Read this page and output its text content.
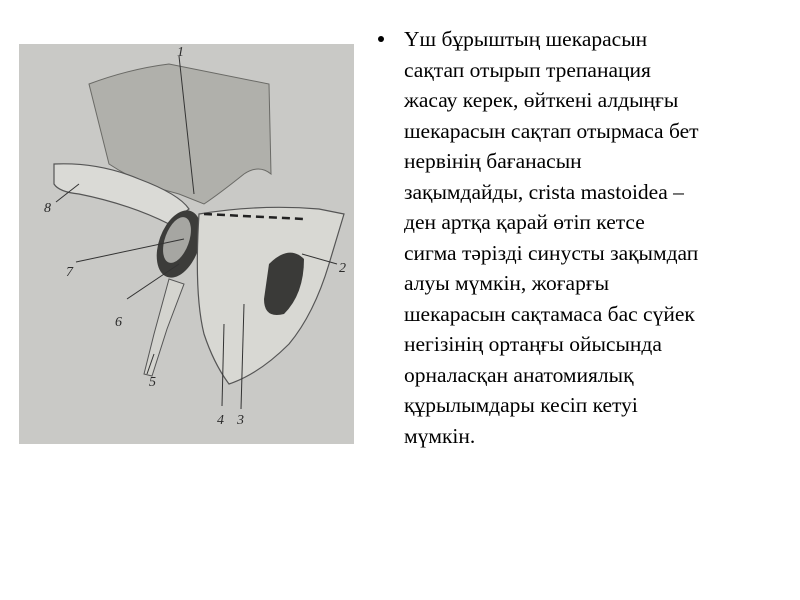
1
2
3
4
5
6
7
8
Үш бұрыштың шекарасын
сақтап отырып трепанация
жасау керек, өйткені алдыңғы
шекарасын сақтап отырмаса бет
нервінің бағанасын
зақымдайды, crista mastoidea –
ден артқа қарай өтіп кетсе
сигма тәрізді синусты зақымдап
алуы мүмкін, жоғарғы
шекарасын сақтамаса бас сүйек
негізінің ортаңғы ойысында
орналасқан анатомиялық
құрылымдары кесіп кетуі
мүмкін.
